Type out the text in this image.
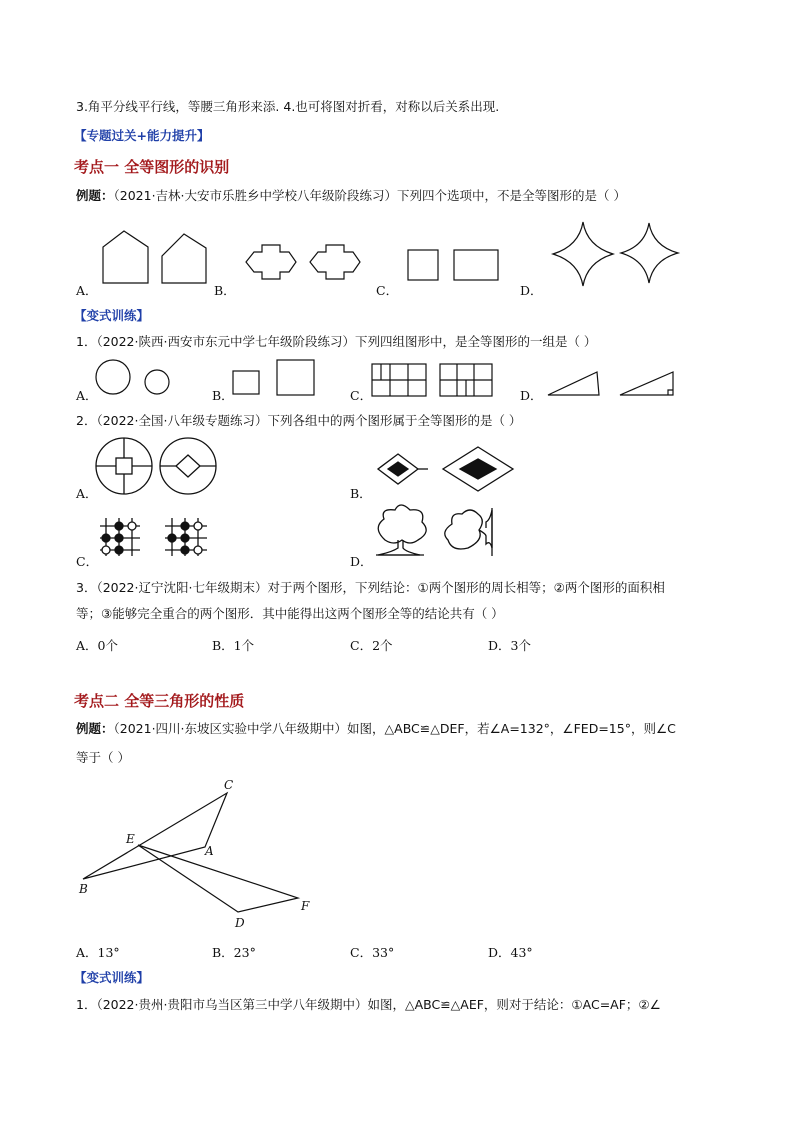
3.角平分线平行线，等腰三角形来添. 4.也可将图对折看，对称以后关系出现.
【专题过关+能力提升】
考点一 全等图形的识别
例题：（2021·吉林·大安市乐胜乡中学校八年级阶段练习）下列四个选项中，不是全等图形的是（ ）
A．	B．	C．	D．
【变式训练】
1．（2022·陕西·西安市东元中学七年级阶段练习）下列四组图形中，是全等图形的一组是（ ）
A．	B．	C．	D．
2．（2022·全国·八年级专题练习）下列各组中的两个图形属于全等图形的是（ ）
A．	B．
C．	D．
3．（2022·辽宁沈阳·七年级期末）对于两个图形，下列结论：①两个图形的周长相等；②两个图形的面积相
等；③能够完全重合的两个图形．其中能得出这两个图形全等的结论共有（ ）
A．0个	B．1个	C．2个	D．3个
考点二 全等三角形的性质
例题：（2021·四川·东坡区实验中学八年级期中）如图，△ABC≌△DEF，若∠A=132°，∠FED=15°，则∠C
等于（ ）
C
E
A
B
D
F
A．13°	B．23°	C．33°	D．43°
【变式训练】
1．（2022·贵州·贵阳市乌当区第三中学八年级期中）如图，△ABC≌△AEF，则对于结论：①AC=AF；②∠
